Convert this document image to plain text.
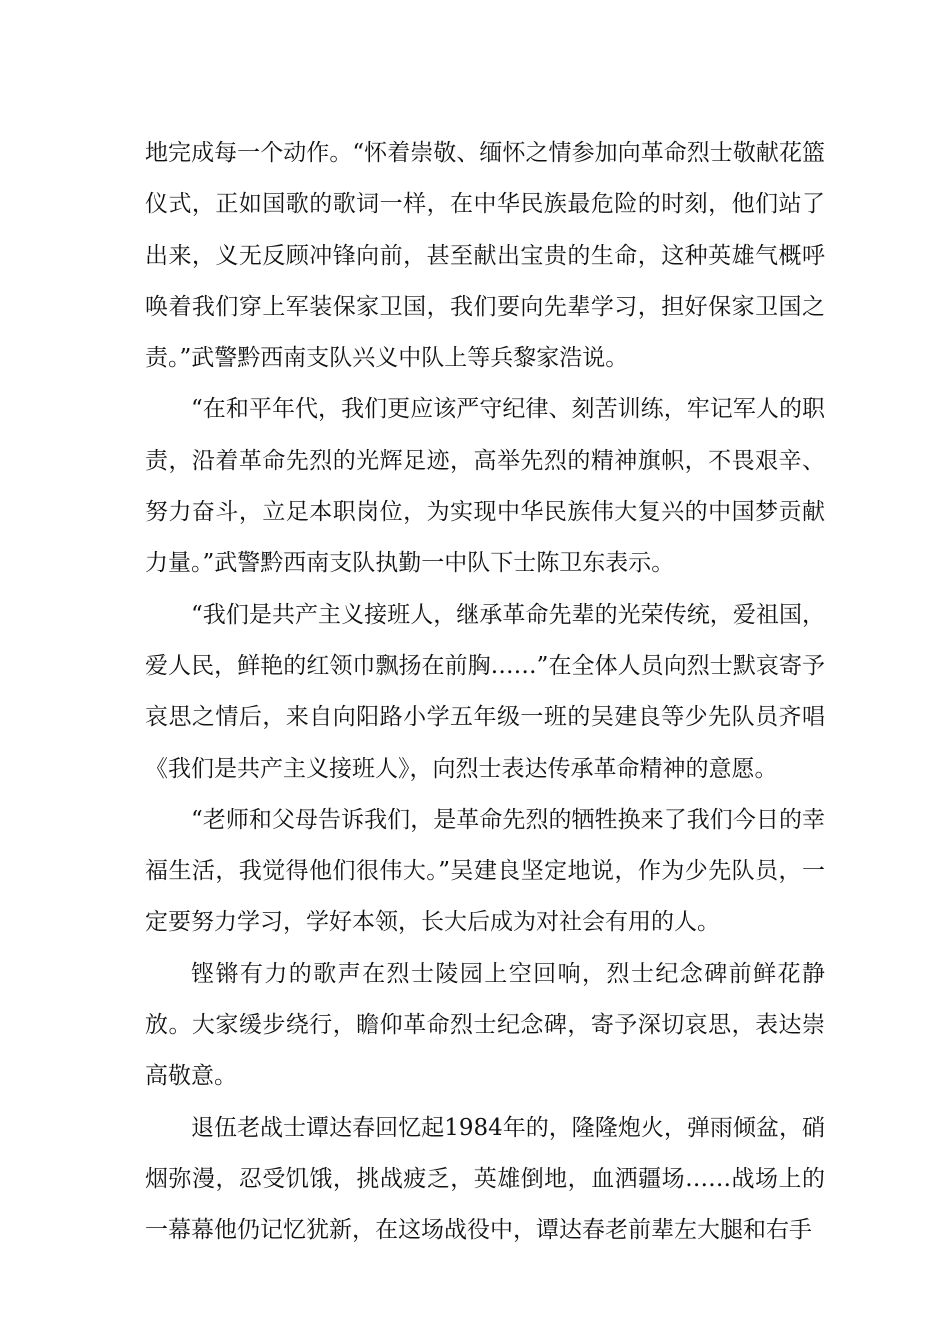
地完成每一个动作。“怀着崇敬、缅怀之情参加向革命烈士敬献花篮仪式，正如国歌的歌词一样，在中华民族最危险的时刻，他们站了出来，义无反顾冲锋向前，甚至献出宝贵的生命，这种英雄气概呼唤着我们穿上军装保家卫国，我们要向先辈学习，担好保家卫国之责。”武警黔西南支队兴义中队上等兵黎家浩说。

“在和平年代，我们更应该严守纪律、刻苦训练，牢记军人的职责，沿着革命先烈的光辉足迹，高举先烈的精神旗帜，不畏艰辛、努力奋斗，立足本职岗位，为实现中华民族伟大复兴的中国梦贡献力量。”武警黔西南支队执勤一中队下士陈卫东表示。

“我们是共产主义接班人，继承革命先辈的光荣传统，爱祖国，爱人民，鲜艳的红领巾飘扬在前胸……”在全体人员向烈士默哀寄予哀思之情后，来自向阳路小学五年级一班的吴建良等少先队员齐唱《我们是共产主义接班人》，向烈士表达传承革命精神的意愿。

“老师和父母告诉我们，是革命先烈的牺牲换来了我们今日的幸福生活，我觉得他们很伟大。”吴建良坚定地说，作为少先队员，一定要努力学习，学好本领，长大后成为对社会有用的人。

铿锵有力的歌声在烈士陵园上空回响，烈士纪念碑前鲜花静放。大家缓步绕行，瞻仰革命烈士纪念碑，寄予深切哀思，表达崇高敬意。

退伍老战士谭达春回忆起1984年的，隆隆炮火，弹雨倾盆，硝烟弥漫，忍受饥饿，挑战疲乏，英雄倒地，血洒疆场……战场上的一幕幕他仍记忆犹新，在这场战役中，谭达春老前辈左大腿和右手
